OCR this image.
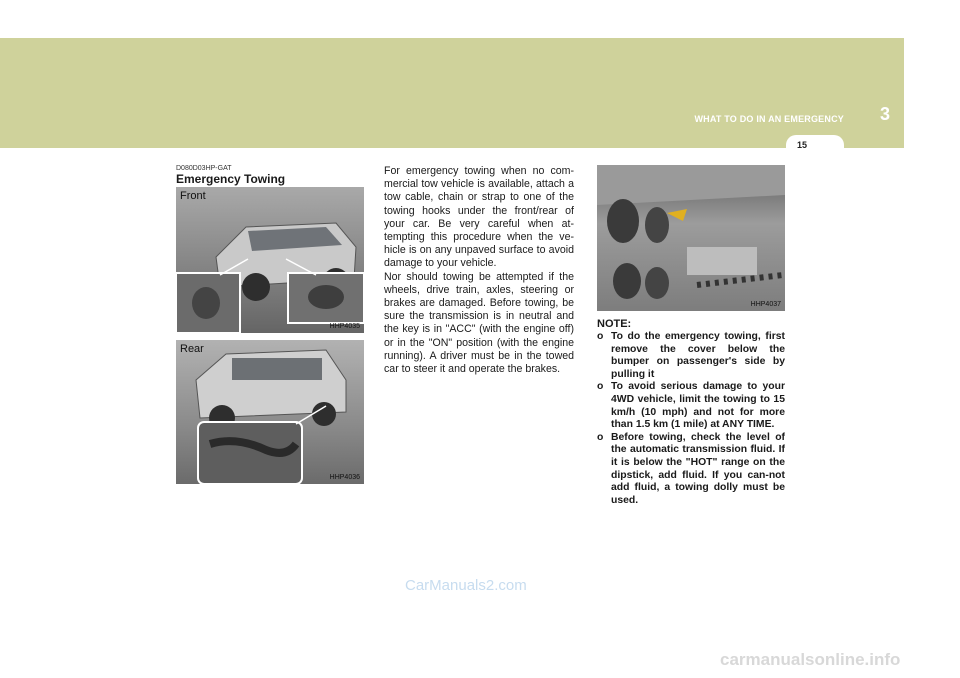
WHAT TO DO IN AN EMERGENCY 3
15
D080D03HP-GAT
Emergency Towing
Front
HHP4035
Rear
HHP4036

For emergency towing when no com-mercial tow vehicle is available, attach a tow cable, chain or strap to one of the towing hooks under the front/rear of your car. Be very careful when at-tempting this procedure when the ve-hicle is on any unpaved surface to avoid damage to your vehicle.

Nor should towing be attempted if the wheels, drive train, axles, steering or brakes are damaged. Before towing, be sure the transmission is in neutral and the key is in "ACC" (with the engine off) or in the "ON" position (with the engine running). A driver must be in the towed car to steer it and operate the brakes.

HHP4037
NOTE:
o To do the emergency towing, first remove the cover below the bumper on passenger's side by pulling it
o To avoid serious damage to your 4WD vehicle, limit the towing to 15 km/h (10 mph) and not for more than 1.5 km (1 mile) at ANY TIME.
o Before towing, check the level of the automatic transmission fluid. If it is below the "HOT" range on the dipstick, add fluid. If you can-not add fluid, a towing dolly must be used.
CarManuals2.com
carmanualsonline.info
